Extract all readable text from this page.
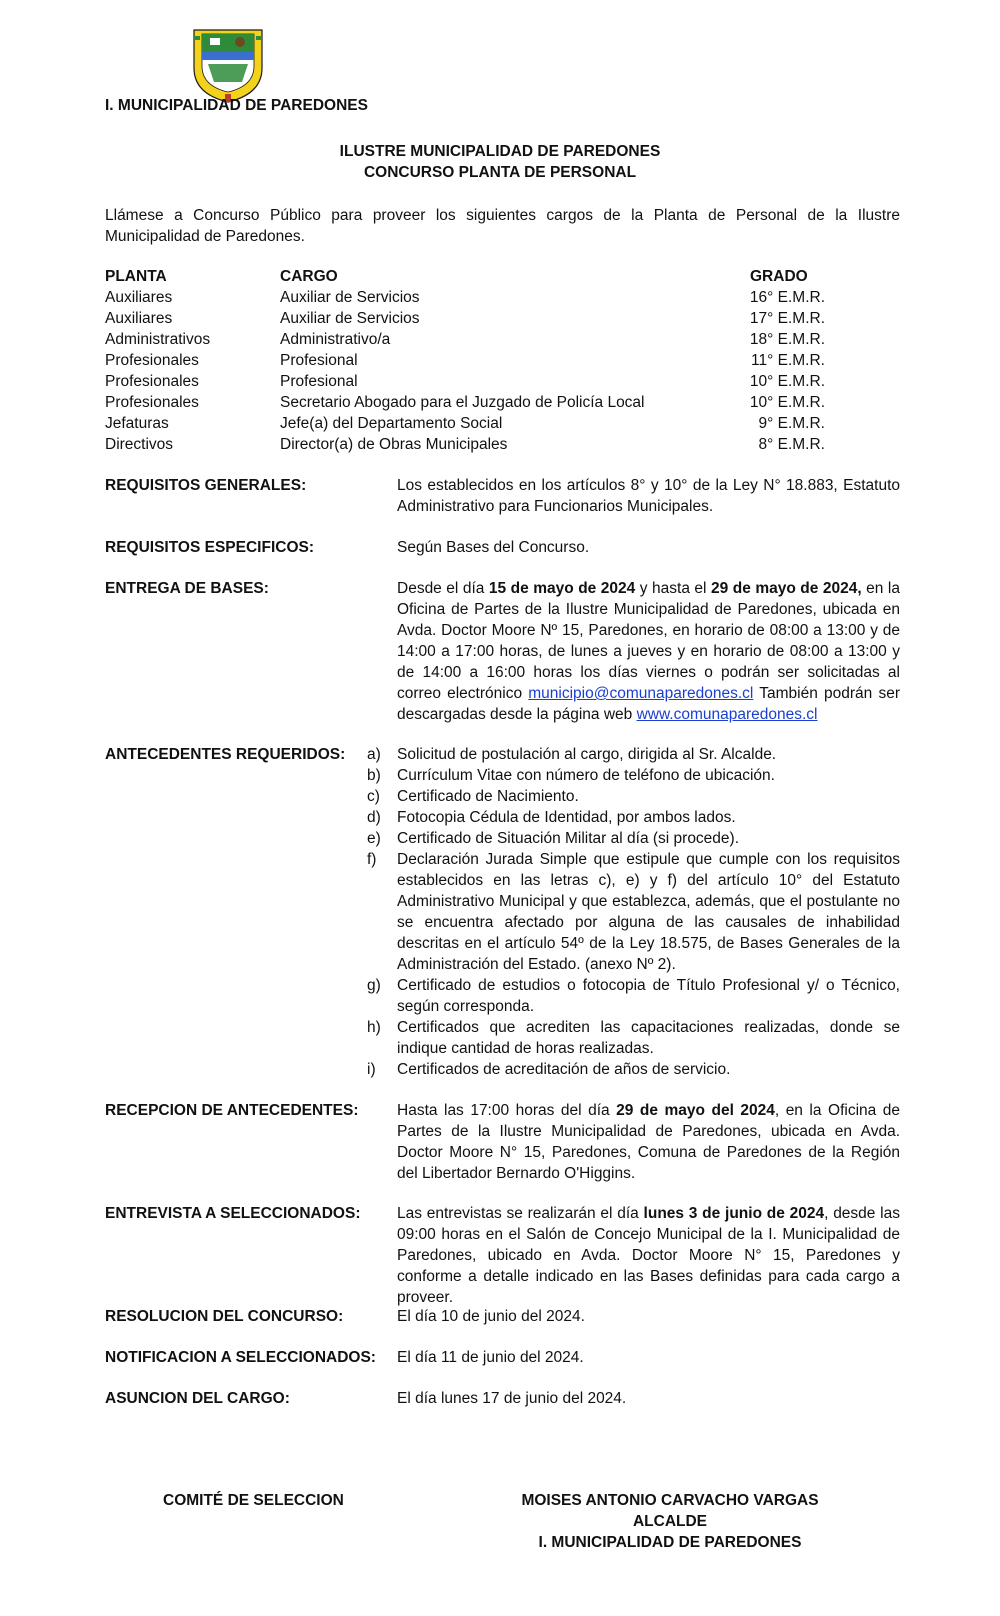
I. MUNICIPALIDAD DE PAREDONES
ILUSTRE MUNICIPALIDAD DE PAREDONES
CONCURSO PLANTA DE PERSONAL
Llámese a Concurso Público para proveer los siguientes cargos de la Planta de Personal de la Ilustre Municipalidad de Paredones.
PLANTA	CARGO	GRADO
Auxiliares	Auxiliar de Servicios	16° E.M.R.
Auxiliares	Auxiliar de Servicios	17° E.M.R.
Administrativos	Administrativo/a	18° E.M.R.
Profesionales	Profesional	11° E.M.R.
Profesionales	Profesional	10° E.M.R.
Profesionales	Secretario Abogado para el Juzgado de Policía Local	10° E.M.R.
Jefaturas	Jefe(a) del Departamento Social	9° E.M.R.
Directivos	Director(a) de Obras Municipales	8° E.M.R.
REQUISITOS GENERALES:	Los establecidos en los artículos 8° y 10° de la Ley N° 18.883, Estatuto Administrativo para Funcionarios Municipales.
REQUISITOS ESPECIFICOS:	Según Bases del Concurso.
ENTREGA DE BASES:	Desde el día 15 de mayo de 2024 y hasta el 29 de mayo de 2024, en la Oficina de Partes de la Ilustre Municipalidad de Paredones, ubicada en Avda. Doctor Moore Nº 15, Paredones, en horario de 08:00 a 13:00 y de 14:00 a 17:00 horas, de lunes a jueves y en horario de 08:00 a 13:00 y de 14:00 a 16:00 horas los días viernes o podrán ser solicitadas al correo electrónico municipio@comunaparedones.cl También podrán ser descargadas desde la página web www.comunaparedones.cl
ANTECEDENTES REQUERIDOS: a) Solicitud de postulación al cargo, dirigida al Sr. Alcalde.
b) Currículum Vitae con número de teléfono de ubicación.
c) Certificado de Nacimiento.
d) Fotocopia Cédula de Identidad, por ambos lados.
e) Certificado de Situación Militar al día (si procede).
f) Declaración Jurada Simple que estipule que cumple con los requisitos establecidos en las letras c), e) y f) del artículo 10° del Estatuto Administrativo Municipal y que establezca, además, que el postulante no se encuentra afectado por alguna de las causales de inhabilidad descritas en el artículo 54º de la Ley 18.575, de Bases Generales de la Administración del Estado. (anexo Nº 2).
g) Certificado de estudios o fotocopia de Título Profesional y/ o Técnico, según corresponda.
h) Certificados que acrediten las capacitaciones realizadas, donde se indique cantidad de horas realizadas.
i) Certificados de acreditación de años de servicio.
RECEPCION DE ANTECEDENTES: Hasta las 17:00 horas del día 29 de mayo del 2024, en la Oficina de Partes de la Ilustre Municipalidad de Paredones, ubicada en Avda. Doctor Moore N° 15, Paredones, Comuna de Paredones de la Región del Libertador Bernardo O'Higgins.
ENTREVISTA A SELECCIONADOS: Las entrevistas se realizarán el día lunes 3 de junio de 2024, desde las 09:00 horas en el Salón de Concejo Municipal de la I. Municipalidad de Paredones, ubicado en Avda. Doctor Moore N° 15, Paredones y conforme a detalle indicado en las Bases definidas para cada cargo a proveer.
RESOLUCION DEL CONCURSO:	El día 10 de junio del 2024.
NOTIFICACION A SELECCIONADOS: El día 11 de junio del 2024.
ASUNCION DEL CARGO:	El día lunes 17 de junio del 2024.
COMITÉ DE SELECCION	MOISES ANTONIO CARVACHO VARGAS
ALCALDE
I. MUNICIPALIDAD DE PAREDONES
